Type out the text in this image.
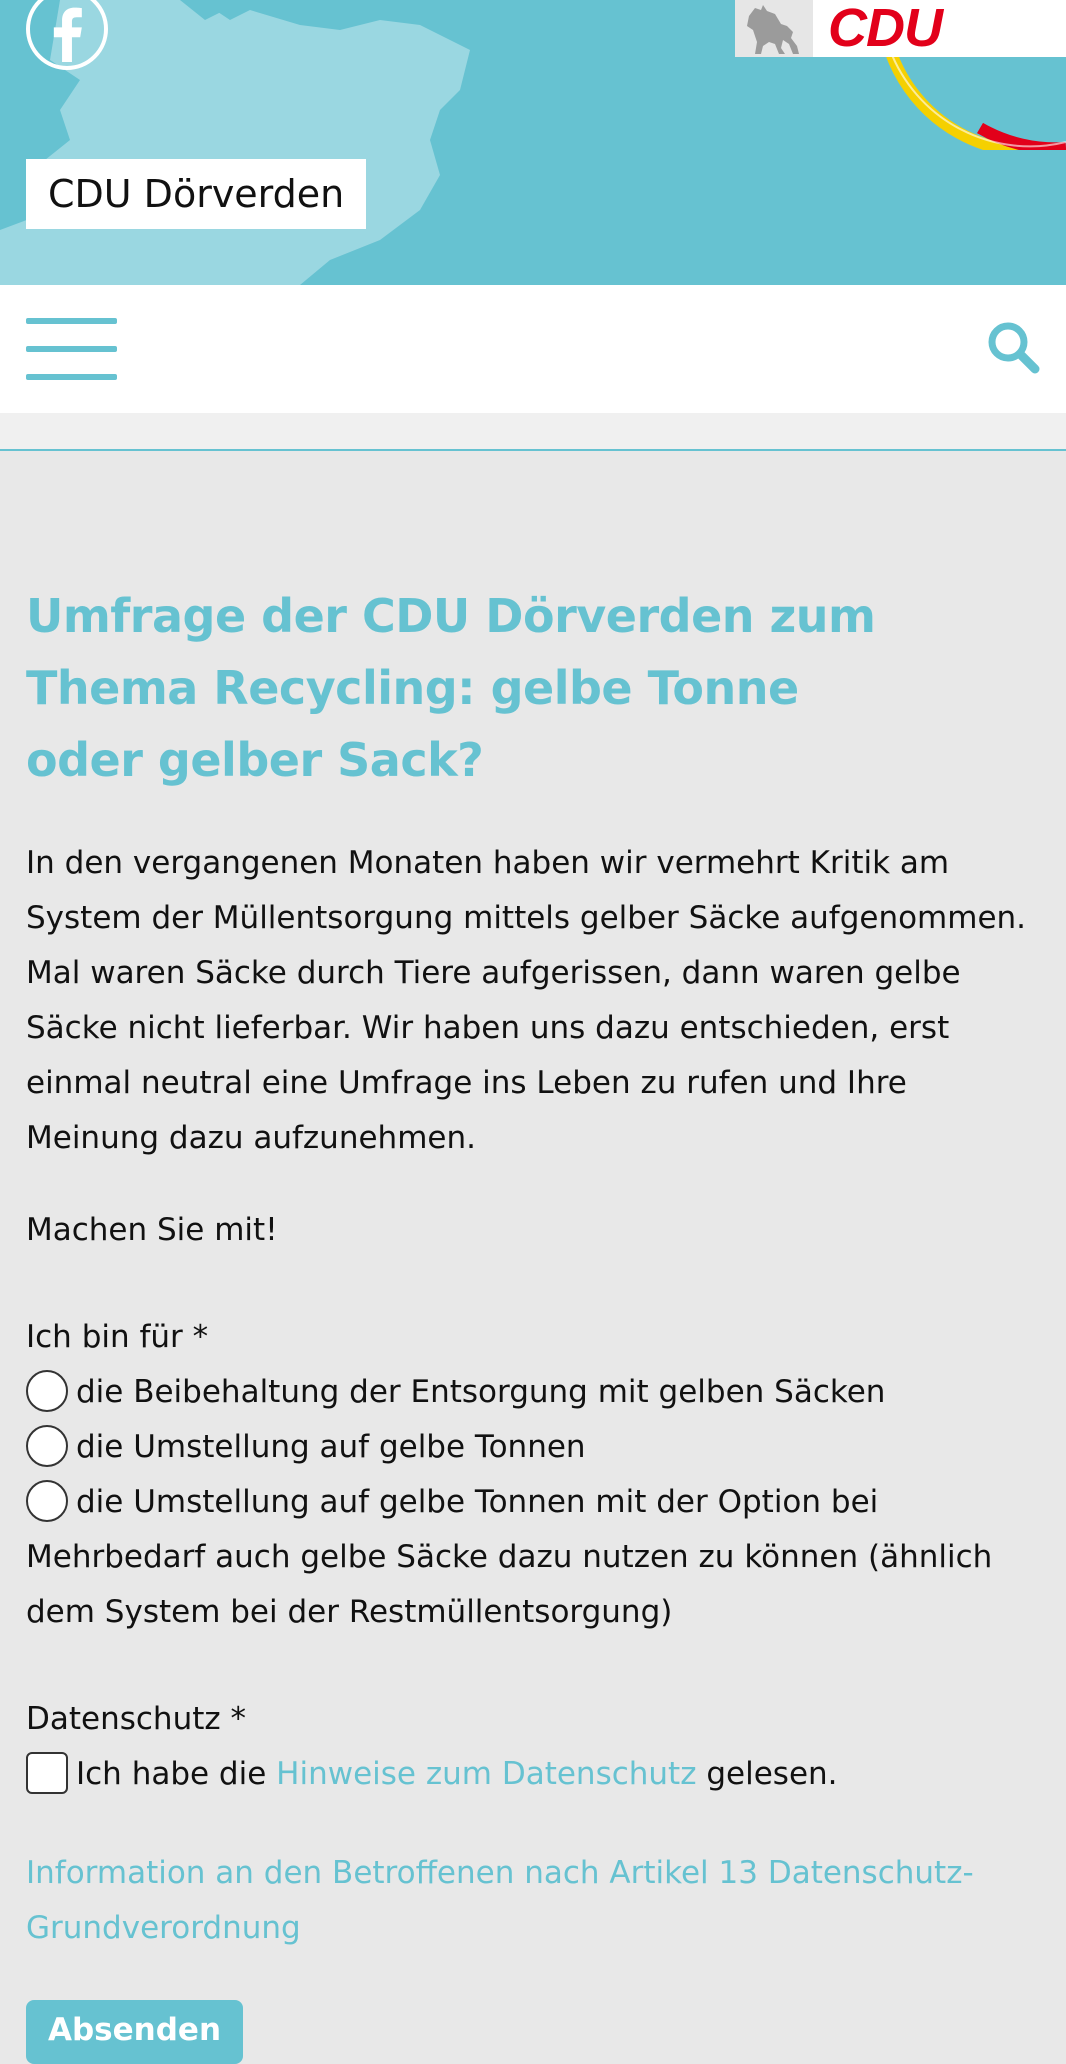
CDU
CDU Dörverden
Umfrage der CDU Dörverden zum Thema Recycling: gelbe Tonne oder gelber Sack?

In den vergangenen Monaten haben wir vermehrt Kritik am System der Müllentsorgung mittels gelber Säcke aufgenommen. Mal waren Säcke durch Tiere aufgerissen, dann waren gelbe Säcke nicht lieferbar. Wir haben uns dazu entschieden, erst einmal neutral eine Umfrage ins Leben zu rufen und Ihre Meinung dazu aufzunehmen.

Machen Sie mit!

Ich bin für *
die Beibehaltung der Entsorgung mit gelben Säcken
die Umstellung auf gelbe Tonnen
die Umstellung auf gelbe Tonnen mit der Option bei Mehrbedarf auch gelbe Säcke dazu nutzen zu können (ähnlich dem System bei der Restmüllentsorgung)
Datenschutz *
Ich habe die Hinweise zum Datenschutz gelesen.
Information an den Betroffenen nach Artikel 13 Datenschutz-Grundverordnung
Absenden
